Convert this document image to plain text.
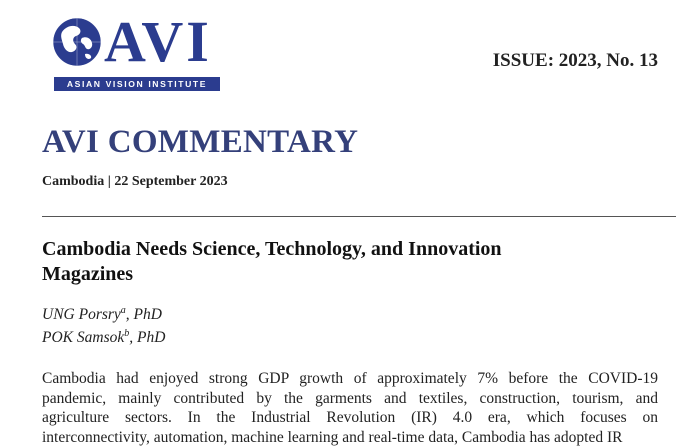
AVI
ASIAN VISION INSTITUTE
ISSUE: 2023, No. 13
AVI COMMENTARY
Cambodia | 22 September 2023
Cambodia Needs Science, Technology, and Innovation
Magazines
UNG Porsry$^a$, PhD
POK Samsok$^b$, PhD
Cambodia had enjoyed strong GDP growth of approximately 7% before the COVID-19
pandemic, mainly contributed by the garments and textiles, construction, tourism, and
agriculture sectors. In the Industrial Revolution (IR) 4.0 era, which focuses on
interconnectivity, automation, machine learning and real-time data, Cambodia has adopted IR
